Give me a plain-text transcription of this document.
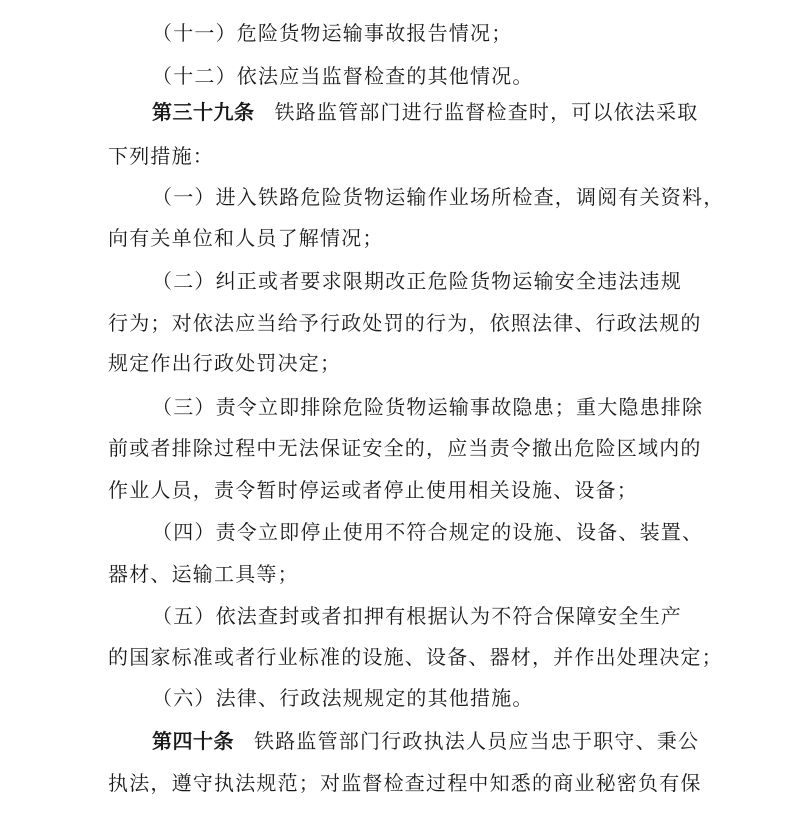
（十一）危险货物运输事故报告情况；
（十二）依法应当监督检查的其他情况。
第三十九条 铁路监管部门进行监督检查时，可以依法采取
下列措施：
（一）进入铁路危险货物运输作业场所检查，调阅有关资料，
向有关单位和人员了解情况；
（二）纠正或者要求限期改正危险货物运输安全违法违规
行为；对依法应当给予行政处罚的行为，依照法律、行政法规的
规定作出行政处罚决定；
（三）责令立即排除危险货物运输事故隐患；重大隐患排除
前或者排除过程中无法保证安全的，应当责令撤出危险区域内的
作业人员，责令暂时停运或者停止使用相关设施、设备；
（四）责令立即停止使用不符合规定的设施、设备、装置、
器材、运输工具等；
（五）依法查封或者扣押有根据认为不符合保障安全生产
的国家标准或者行业标准的设施、设备、器材，并作出处理决定；
（六）法律、行政法规规定的其他措施。
第四十条 铁路监管部门行政执法人员应当忠于职守、秉公
执法，遵守执法规范；对监督检查过程中知悉的商业秘密负有保
